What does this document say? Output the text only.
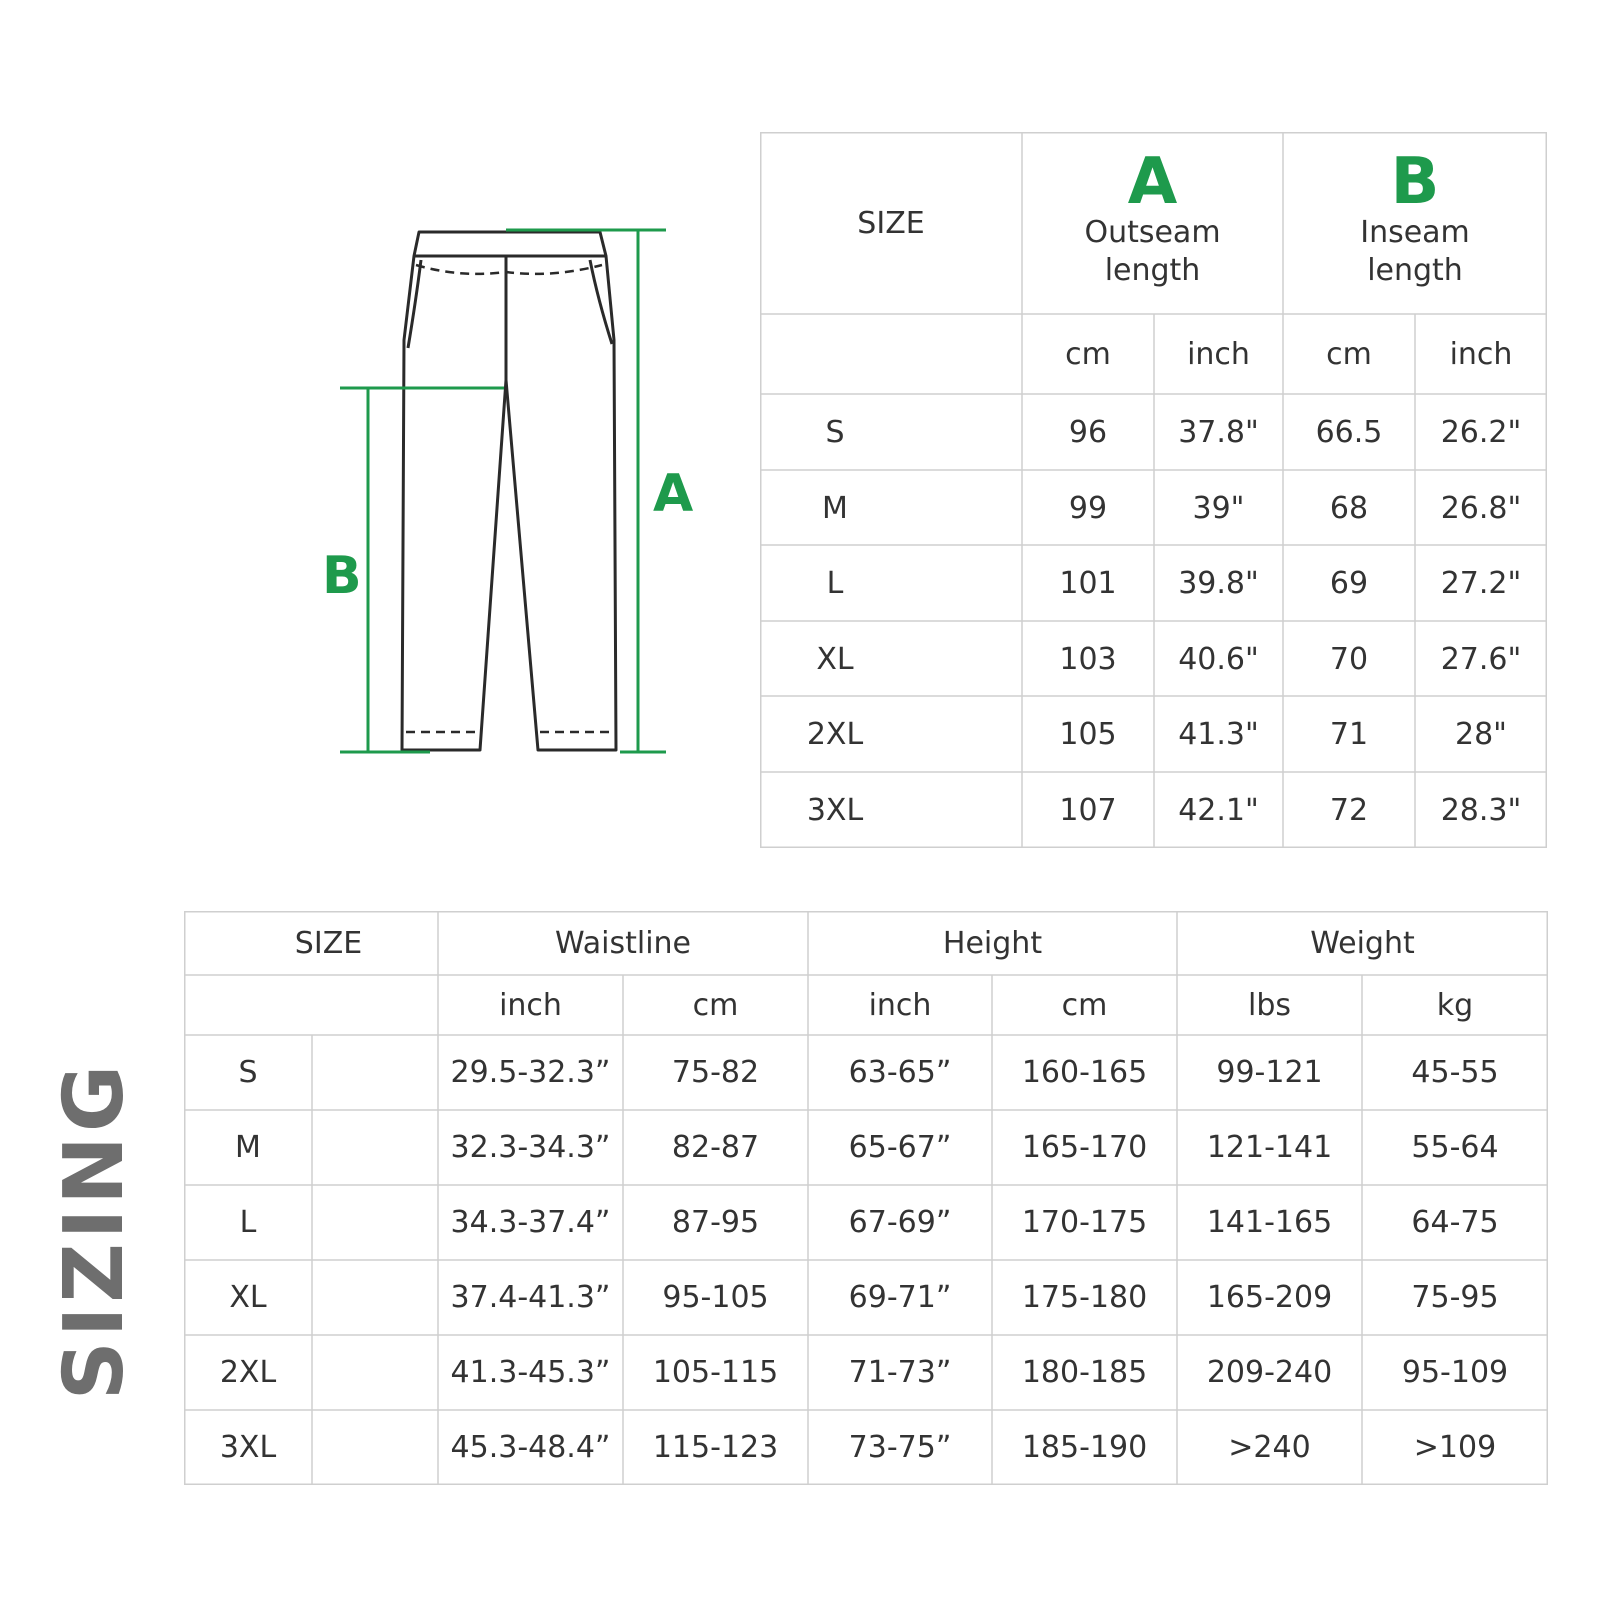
A
B
SIZE
A
Outseam
length
B
Inseam
length
cm	inch	cm	inch
S	96	37.8"	66.5	26.2"
M	99	39"	68	26.8"
L	101	39.8"	69	27.2"
XL	103	40.6"	70	27.6"
2XL	105	41.3"	71	28"
3XL	107	42.1"	72	28.3"
SIZING
SIZE	Waistline	Height	Weight
inch	cm	inch	cm	lbs	kg
S	29.5-32.3”	75-82	63-65”	160-165	99-121	45-55
M	32.3-34.3”	82-87	65-67”	165-170	121-141	55-64
L	34.3-37.4”	87-95	67-69”	170-175	141-165	64-75
XL	37.4-41.3”	95-105	69-71”	175-180	165-209	75-95
2XL	41.3-45.3”	105-115	71-73”	180-185	209-240	95-109
3XL	45.3-48.4”	115-123	73-75”	185-190	>240	>109
